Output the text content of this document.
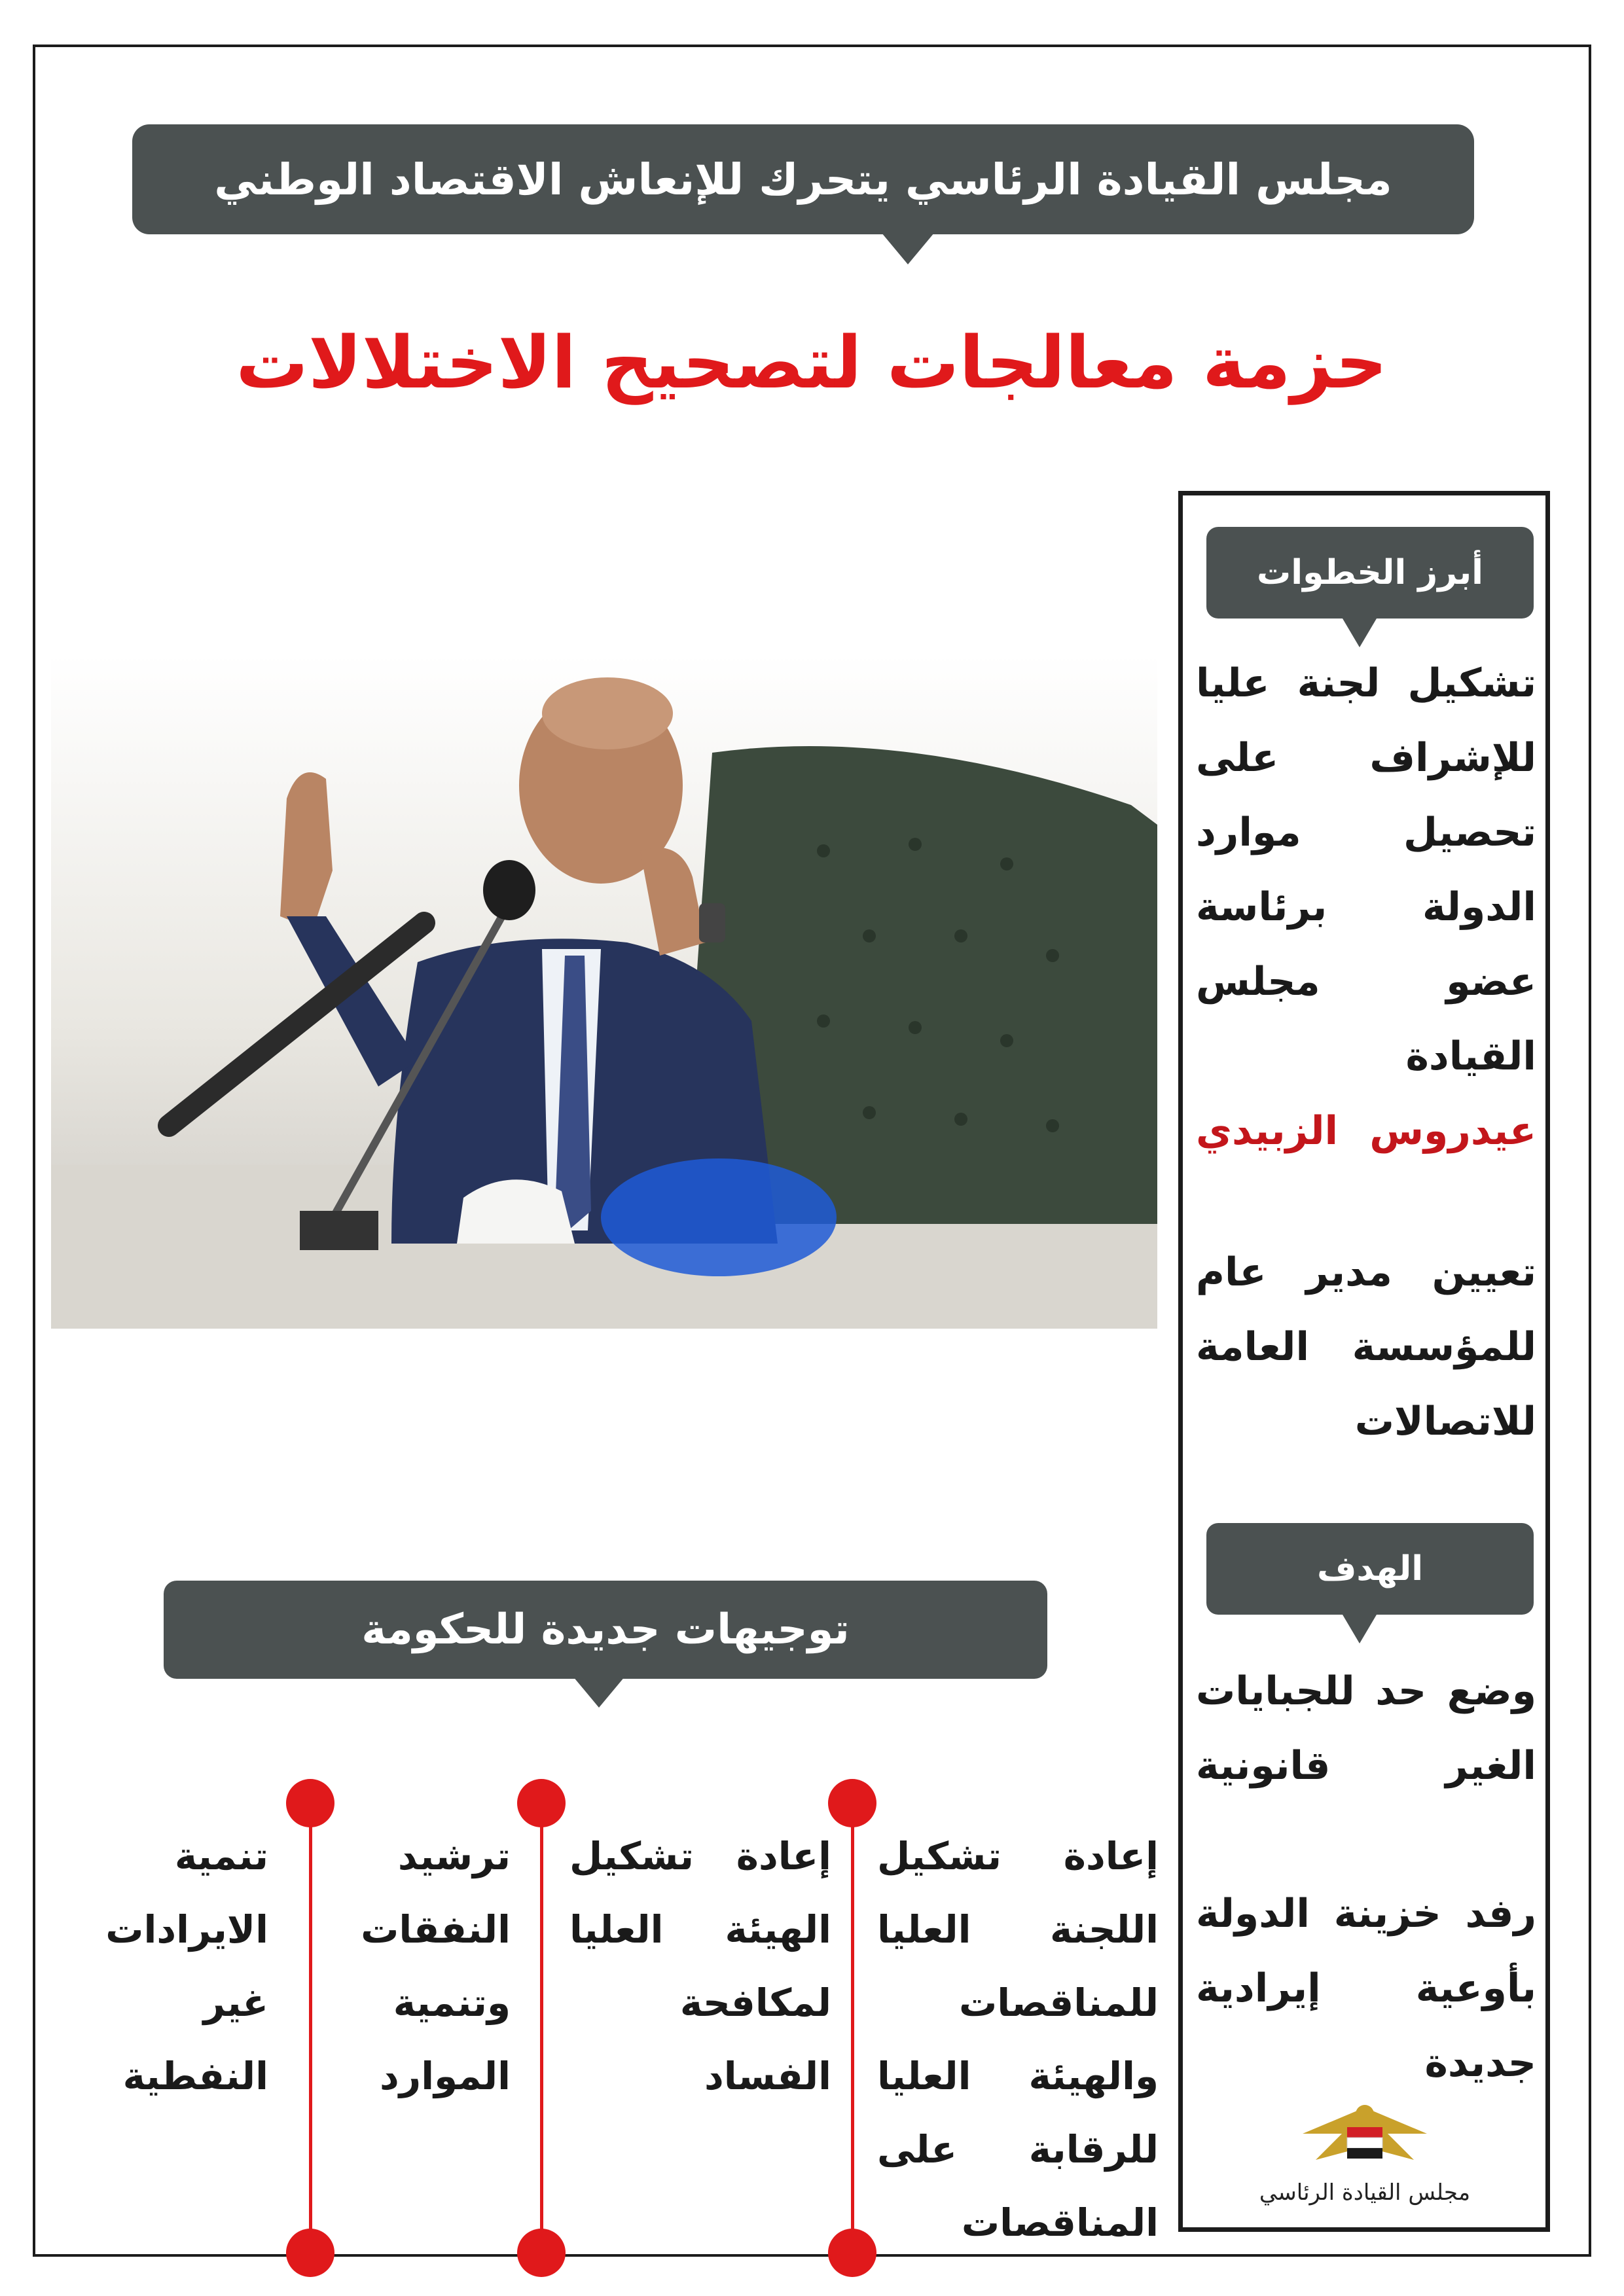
مجلس القيادة الرئاسي يتحرك للإنعاش الاقتصاد الوطني
حزمة معالجات لتصحيح الاختلالات
أبرز الخطوات
تشكيل لجنة عليا
للإشراف على
تحصيل موارد
الدولة برئاسة
عضو مجلس
القيادة
عيدروس الزبيدي
تعيين مدير عام
للمؤسسة العامة
للاتصالات
الهدف
وضع حد للجبايات
الغير قانونية
رفد خزينة الدولة
بأوعية إيرادية
جديدة
مجلس القيادة الرئاسي
توجيهات جديدة للحكومة
إعادة تشكيل
اللجنة العليا
للمناقصات
والهيئة العليا
للرقابة على
المناقصات
إعادة تشكيل
الهيئة العليا
لمكافحة
الفساد
ترشيد
النفقات
وتنمية
الموارد
تنمية
الايرادات
غير
النفطية
